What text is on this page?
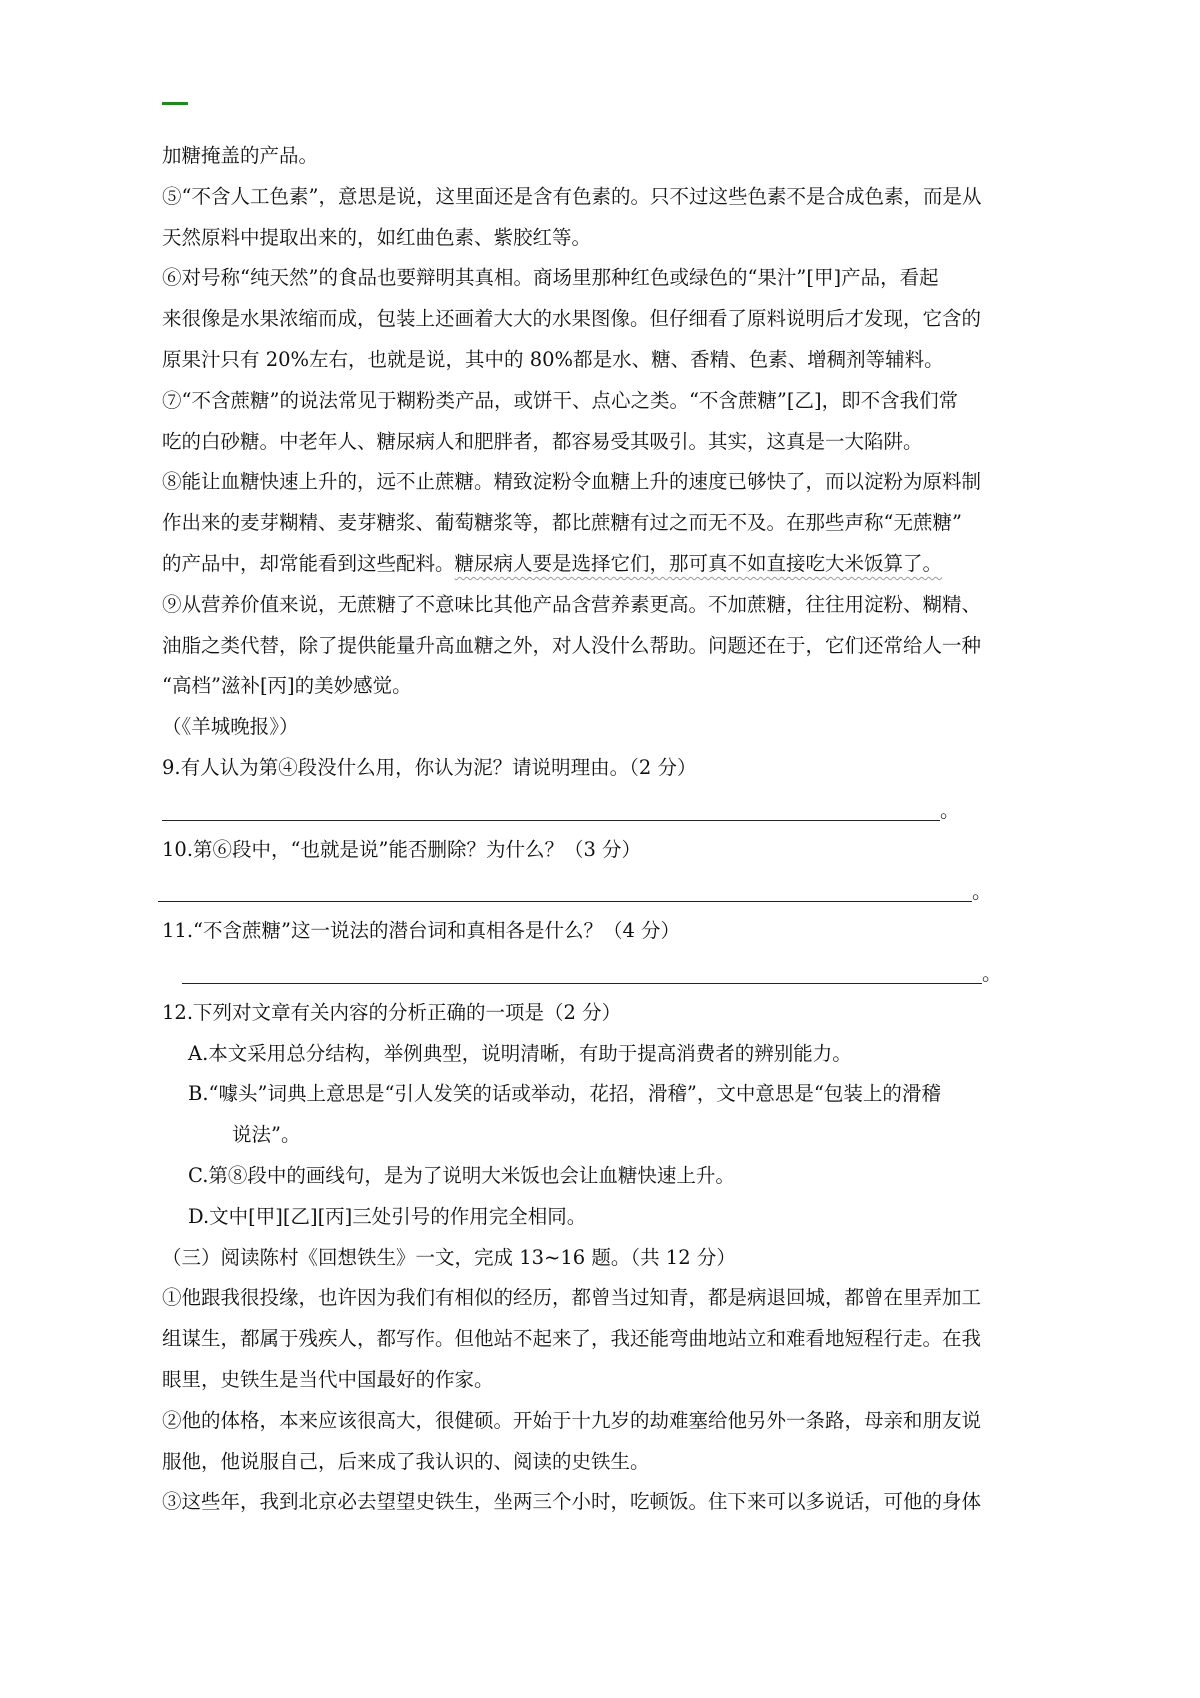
加糖掩盖的产品。

⑤“不含人工色素”，意思是说，这里面还是含有色素的。只不过这些色素不是合成色素，而是从

天然原料中提取出来的，如红曲色素、紫胶红等。

⑥对号称“纯天然”的食品也要辩明其真相。商场里那种红色或绿色的“果汁”[甲]产品，看起

来很像是水果浓缩而成，包装上还画着大大的水果图像。但仔细看了原料说明后才发现，它含的

原果汁只有 20%左右，也就是说，其中的 80%都是水、糖、香精、色素、增稠剂等辅料。

⑦“不含蔗糖”的说法常见于糊粉类产品，或饼干、点心之类。“不含蔗糖”[乙]，即不含我们常

吃的白砂糖。中老年人、糖尿病人和肥胖者，都容易受其吸引。其实，这真是一大陷阱。

⑧能让血糖快速上升的，远不止蔗糖。精致淀粉令血糖上升的速度已够快了，而以淀粉为原料制

作出来的麦芽糊精、麦芽糖浆、葡萄糖浆等，都比蔗糖有过之而无不及。在那些声称“无蔗糖”

的产品中，却常能看到这些配料。糖尿病人要是选择它们，那可真不如直接吃大米饭算了。

⑨从营养价值来说，无蔗糖了不意味比其他产品含营养素更高。不加蔗糖，往往用淀粉、糊精、

油脂之类代替，除了提供能量升高血糖之外，对人没什么帮助。问题还在于，它们还常给人一种

“高档”滋补[丙]的美妙感觉。

（《羊城晚报》）

9.有人认为第④段没什么用，你认为泥？请说明理由。（2 分）

。

10.第⑥段中，“也就是说”能否删除？为什么？（3 分）

。

11.“不含蔗糖”这一说法的潜台词和真相各是什么？（4 分）

。

12.下列对文章有关内容的分析正确的一项是（2 分）

A.本文采用总分结构，举例典型，说明清晰，有助于提高消费者的辨别能力。

B.“噱头”词典上意思是“引人发笑的话或举动，花招，滑稽”，文中意思是“包装上的滑稽

说法”。

C.第⑧段中的画线句，是为了说明大米饭也会让血糖快速上升。

D.文中[甲][乙][丙]三处引号的作用完全相同。

（三）阅读陈村《回想铁生》一文，完成 13~16 题。（共 12 分）

①他跟我很投缘，也许因为我们有相似的经历，都曾当过知青，都是病退回城，都曾在里弄加工

组谋生，都属于残疾人，都写作。但他站不起来了，我还能弯曲地站立和难看地短程行走。在我

眼里，史铁生是当代中国最好的作家。

②他的体格，本来应该很高大，很健硕。开始于十九岁的劫难塞给他另外一条路，母亲和朋友说

服他，他说服自己，后来成了我认识的、阅读的史铁生。

③这些年，我到北京必去望望史铁生，坐两三个小时，吃顿饭。住下来可以多说话，可他的身体
